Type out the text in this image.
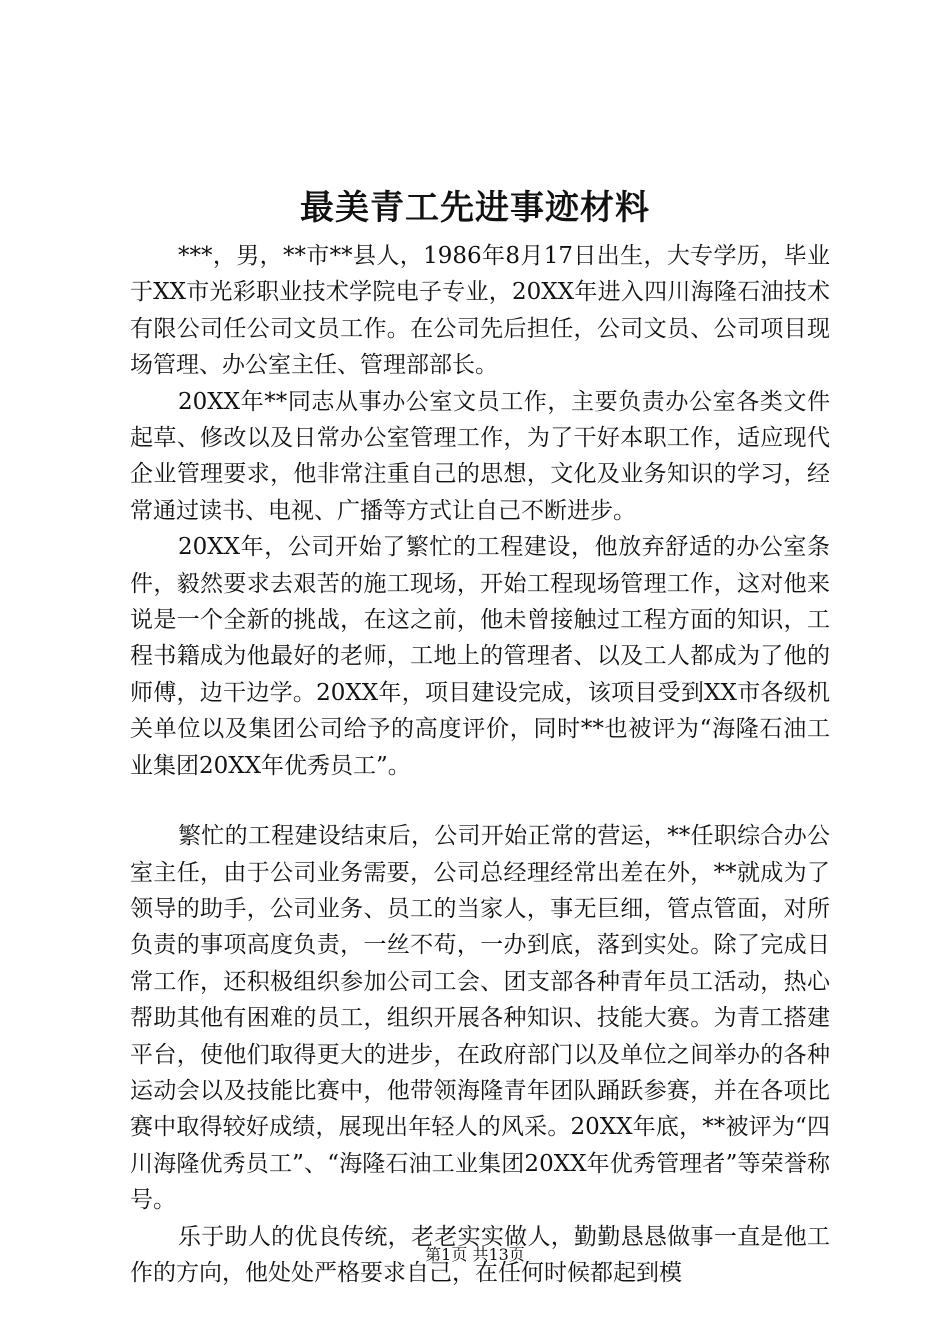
最美青工先进事迹材料

***，男，**市**县人，1986年8月17日出生，大专学历，毕业于XX市光彩职业技术学院电子专业，20XX年进入四川海隆石油技术有限公司任公司文员工作。在公司先后担任，公司文员、公司项目现场管理、办公室主任、管理部部长。

20XX年**同志从事办公室文员工作，主要负责办公室各类文件起草、修改以及日常办公室管理工作，为了干好本职工作，适应现代企业管理要求，他非常注重自己的思想，文化及业务知识的学习，经常通过读书、电视、广播等方式让自己不断进步。

20XX年，公司开始了繁忙的工程建设，他放弃舒适的办公室条件，毅然要求去艰苦的施工现场，开始工程现场管理工作，这对他来说是一个全新的挑战，在这之前，他未曾接触过工程方面的知识，工程书籍成为他最好的老师，工地上的管理者、以及工人都成为了他的师傅，边干边学。20XX年，项目建设完成，该项目受到XX市各级机关单位以及集团公司给予的高度评价，同时**也被评为“海隆石油工业集团20XX年优秀员工”。

繁忙的工程建设结束后，公司开始正常的营运，**任职综合办公室主任，由于公司业务需要，公司总经理经常出差在外，**就成为了领导的助手，公司业务、员工的当家人，事无巨细，管点管面，对所负责的事项高度负责，一丝不苟，一办到底，落到实处。除了完成日常工作，还积极组织参加公司工会、团支部各种青年员工活动，热心帮助其他有困难的员工，组织开展各种知识、技能大赛。为青工搭建平台，使他们取得更大的进步，在政府部门以及单位之间举办的各种运动会以及技能比赛中，他带领海隆青年团队踊跃参赛，并在各项比赛中取得较好成绩，展现出年轻人的风采。20XX年底，**被评为“四川海隆优秀员工”、“海隆石油工业集团20XX年优秀管理者”等荣誉称号。

乐于助人的优良传统，老老实实做人，勤勤恳恳做事一直是他工作的方向，他处处严格要求自己，在任何时候都起到模

第1页 共13页
